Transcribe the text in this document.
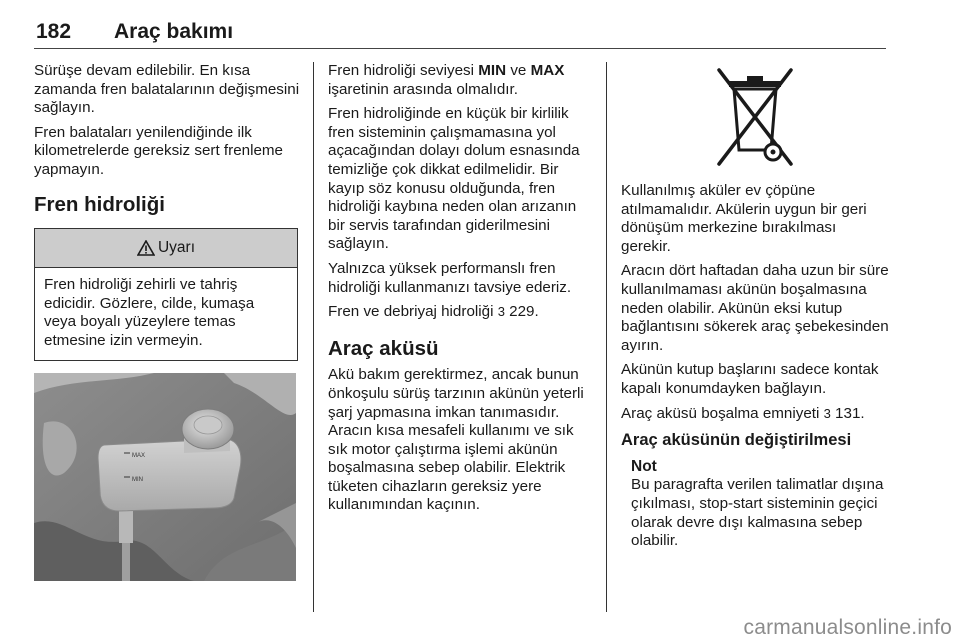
182 Araç bakımı

Sürüşe devam edilebilir. En kısa zamanda fren balatalarının değişmesini sağlayın.

Fren balataları yenilendiğinde ilk kilometrelerde gereksiz sert frenleme yapmayın.

Fren hidroliği
Uyarı
Fren hidroliği zehirli ve tahriş edicidir. Gözlere, cilde, kumaşa veya boyalı yüzeylere temas etmesine izin vermeyin.
MAX
MIN

Fren hidroliği seviyesi MIN ve MAX işaretinin arasında olmalıdır.

Fren hidroliğinde en küçük bir kirlilik fren sisteminin çalışmamasına yol açacağından dolayı dolum esnasında temizliğe çok dikkat edilmelidir. Bir kayıp söz konusu olduğunda, fren hidroliği kaybına neden olan arızanın bir servis tarafından giderilmesini sağlayın.

Yalnızca yüksek performanslı fren hidroliği kullanmanızı tavsiye ederiz.

Fren ve debriyaj hidroliği 3 229.

Araç aküsü

Akü bakım gerektirmez, ancak bunun önkoşulu sürüş tarzının akünün yeterli şarj yapmasına imkan tanımasıdır. Aracın kısa mesafeli kullanımı ve sık sık motor çalıştırma işlemi akünün boşalmasına sebep olabilir. Elektrik tüketen cihazların gereksiz yere kullanımından kaçının.

Kullanılmış aküler ev çöpüne atılmamalıdır. Akülerin uygun bir geri dönüşüm merkezine bırakılması gerekir.

Aracın dört haftadan daha uzun bir süre kullanılmaması akünün boşalmasına neden olabilir. Akünün eksi kutup bağlantısını sökerek araç şebekesinden ayırın.

Akünün kutup başlarını sadece kontak kapalı konumdayken bağlayın.

Araç aküsü boşalma emniyeti 3 131.

Araç aküsünün değiştirilmesi
Not
Bu paragrafta verilen talimatlar dışına çıkılması, stop-start sisteminin geçici olarak devre dışı kalmasına sebep olabilir.
carmanualsonline.info
